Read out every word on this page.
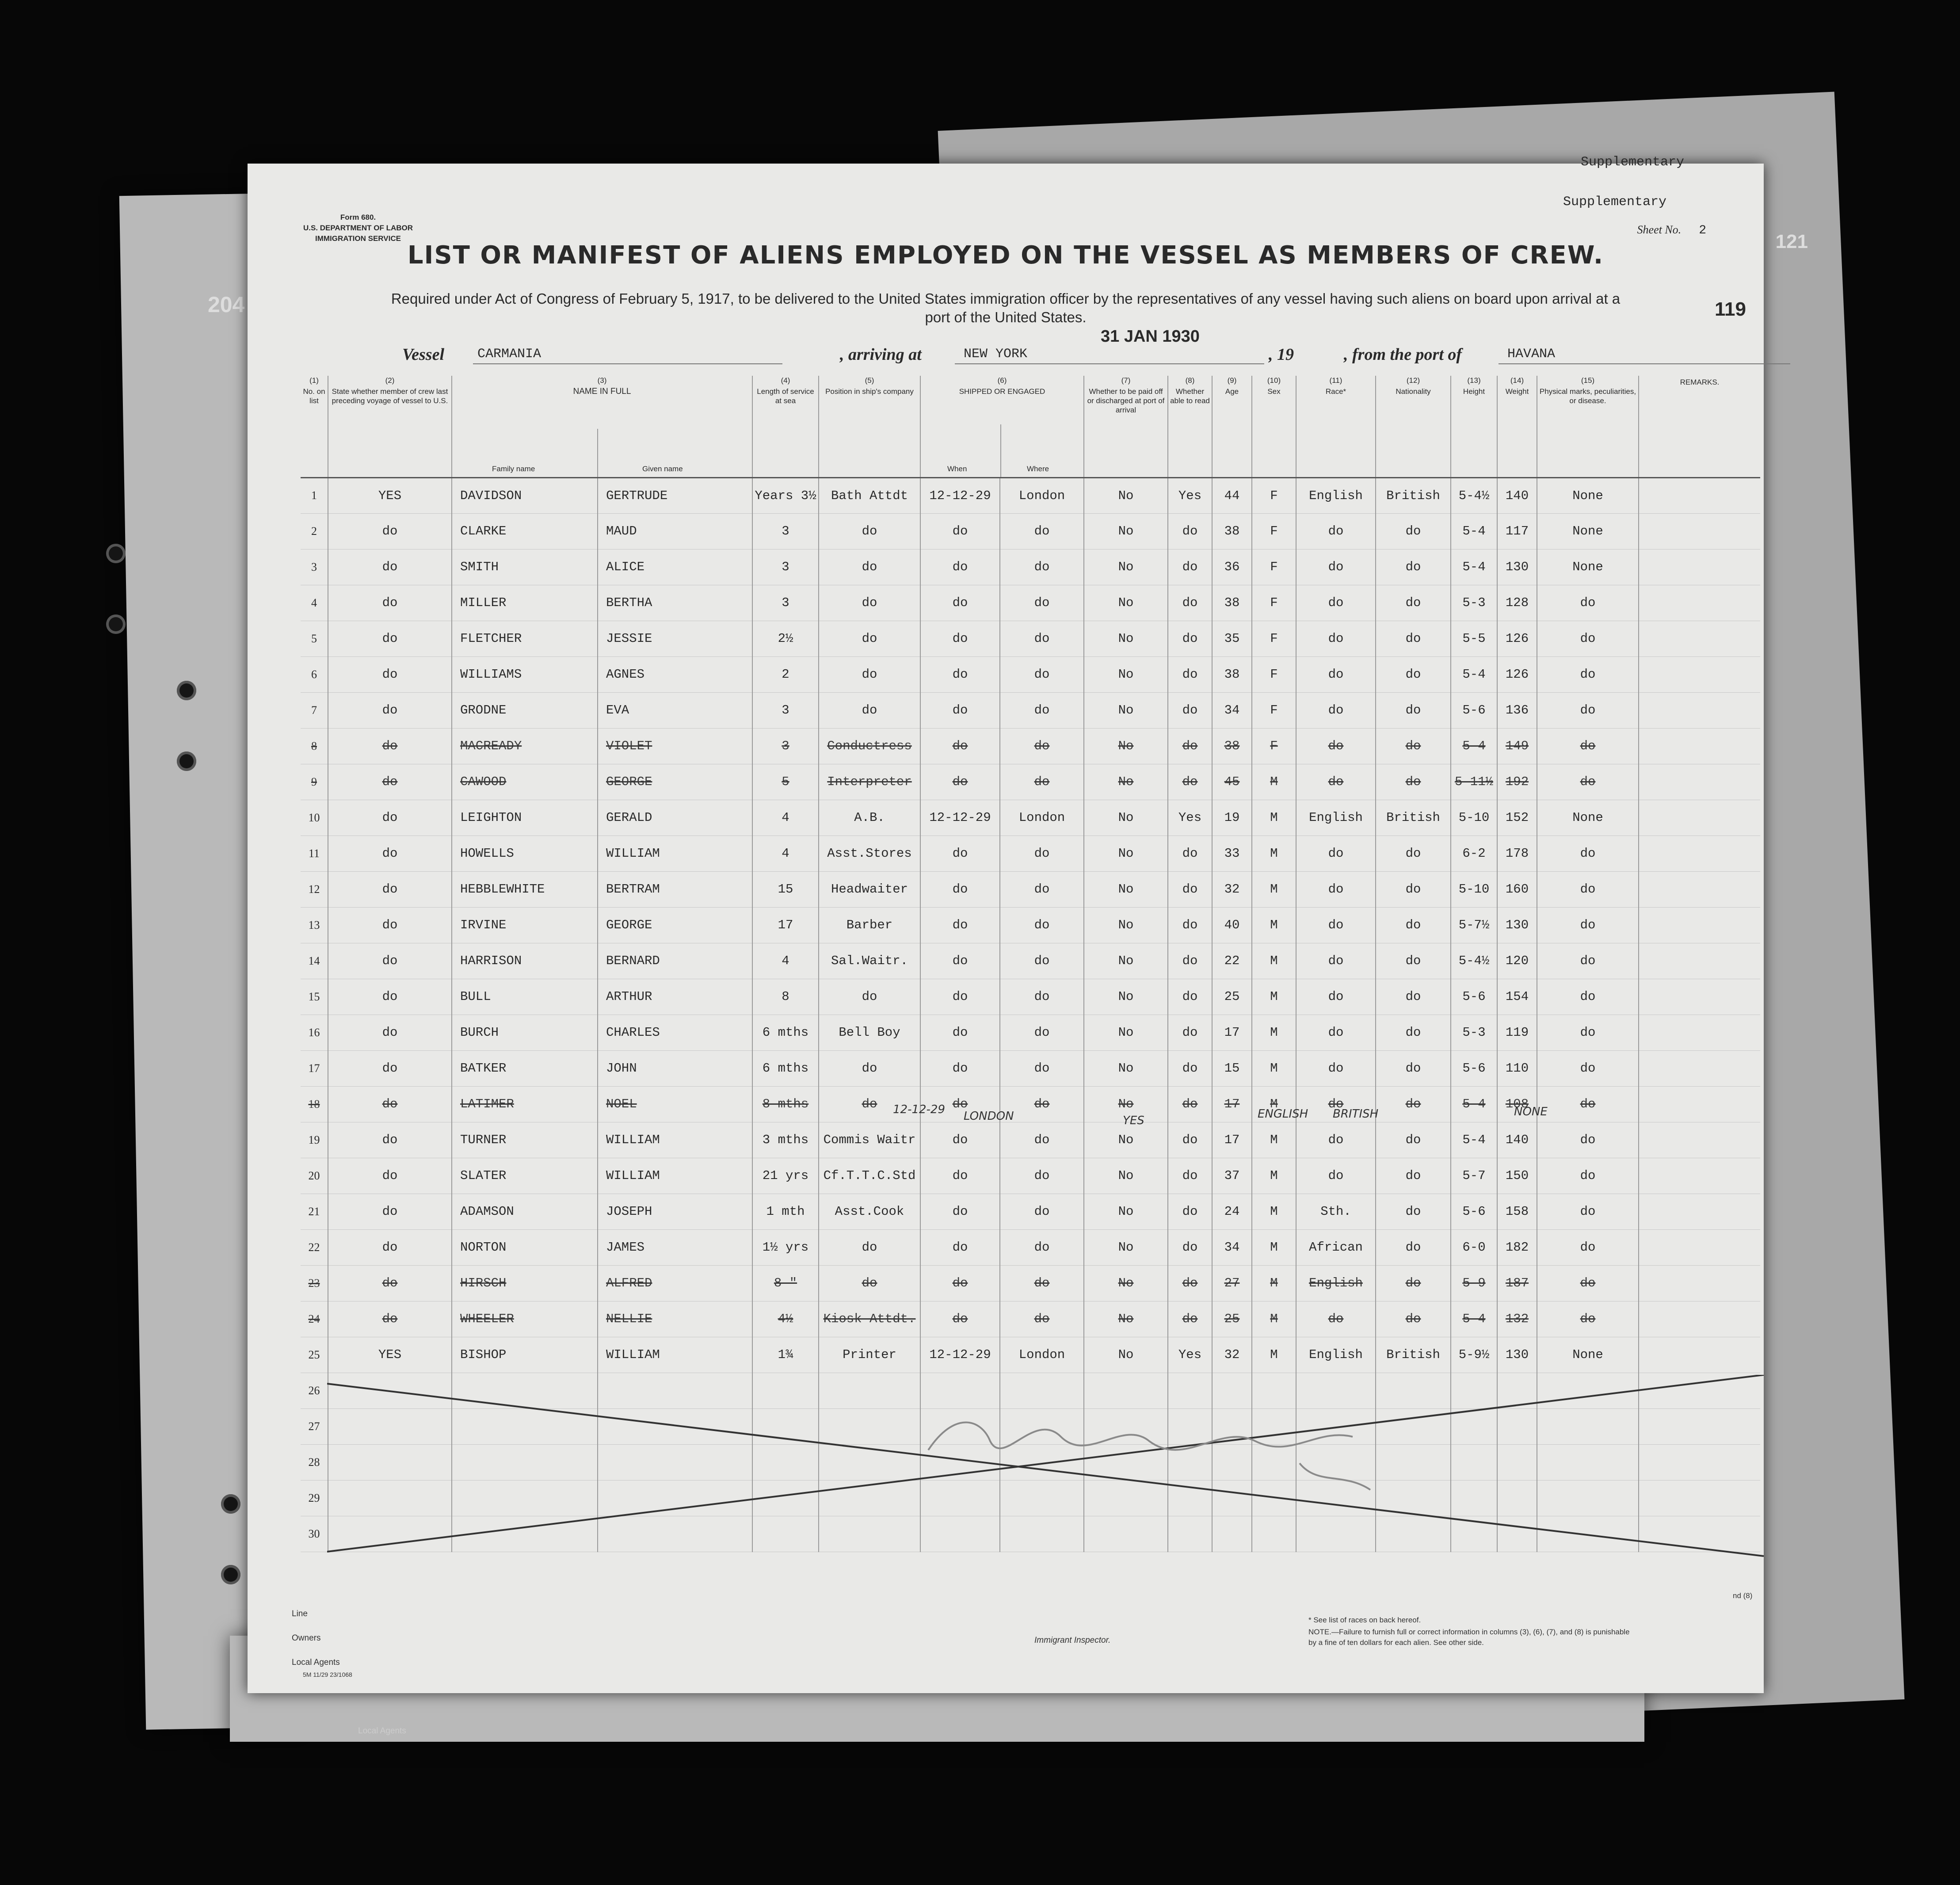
204
Local Agents
Form 680.
U.S. DEPARTMENT OF LABOR
IMMIGRATION SERVICE
Supplementary
Supplementary
Sheet No. 2
119
121
LIST OR MANIFEST OF ALIENS EMPLOYED ON THE VESSEL AS MEMBERS OF CREW.
Required under Act of Congress of February 5, 1917, to be delivered to the United States immigration officer by the representatives of any vessel having such aliens on board upon arrival at a port of the United States.
Vessel	CARMANIA	, arriving at	NEW YORK
31 JAN 1930
, 19	, from the port of	HAVANA
(1)
No. on list	(2)
State whether member of crew last preceding voyage of vessel to U.S.	(3)
NAME IN FULL
Family name Given name		(4)
Length of service at sea	(5)
Position in ship's company	(6)
SHIPPED OR ENGAGED
When Where		(7)
Whether to be paid off or discharged at port of arrival	(8)
Whether able to read	(9)
Age	(10)
Sex	(11)
Race*	(12)
Nationality	(13)
Height	(14)
Weight	(15)
Physical marks, peculiarities, or disease.	REMARKS.
1	YES	DAVIDSON	GERTRUDE	Years 3½	Bath Attdt	12-12-29	London	No	Yes	44	F	English	British	5-4½	140	None	
2	do	CLARKE	MAUD	3	do	do	do	No	do	38	F	do	do	5-4	117	None	
3	do	SMITH	ALICE	3	do	do	do	No	do	36	F	do	do	5-4	130	None	
4	do	MILLER	BERTHA	3	do	do	do	No	do	38	F	do	do	5-3	128	do	
5	do	FLETCHER	JESSIE	2½	do	do	do	No	do	35	F	do	do	5-5	126	do	
6	do	WILLIAMS	AGNES	2	do	do	do	No	do	38	F	do	do	5-4	126	do	
7	do	GRODNE	EVA	3	do	do	do	No	do	34	F	do	do	5-6	136	do	
8	do	MACREADY	VIOLET	3	Conductress	do	do	No	do	38	F	do	do	5-4	149	do	
9	do	CAWOOD	GEORGE	5	Interpreter	do	do	No	do	45	M	do	do	5-11½	192	do	
10	do	LEIGHTON	GERALD	4	A.B.	12-12-29	London	No	Yes	19	M	English	British	5-10	152	None	
11	do	HOWELLS	WILLIAM	4	Asst.Stores	do	do	No	do	33	M	do	do	6-2	178	do	
12	do	HEBBLEWHITE	BERTRAM	15	Headwaiter	do	do	No	do	32	M	do	do	5-10	160	do	
13	do	IRVINE	GEORGE	17	Barber	do	do	No	do	40	M	do	do	5-7½	130	do	
14	do	HARRISON	BERNARD	4	Sal.Waitr.	do	do	No	do	22	M	do	do	5-4½	120	do	
15	do	BULL	ARTHUR	8	do	do	do	No	do	25	M	do	do	5-6	154	do	
16	do	BURCH	CHARLES	6 mths	Bell Boy	do	do	No	do	17	M	do	do	5-3	119	do	
17	do	BATKER	JOHN	6 mths	do	do	do	No	do	15	M	do	do	5-6	110	do	
18	do	LATIMER	NOEL	8 mths	do	do	do	No	do	17	M	do	do	5-4	108	do	
19	do	TURNER	WILLIAM	3 mths	Commis Waitr	do	do	No	do	17	M	do	do	5-4	140	do	
20	do	SLATER	WILLIAM	21 yrs	Cf.T.T.C.Std	do	do	No	do	37	M	do	do	5-7	150	do	
21	do	ADAMSON	JOSEPH	1 mth	Asst.Cook	do	do	No	do	24	M	Sth.	do	5-6	158	do	
22	do	NORTON	JAMES	1½ yrs	do	do	do	No	do	34	M	African	do	6-0	182	do	
23	do	HIRSCH	ALFRED	8 "	do	do	do	No	do	27	M	English	do	5-9	187	do	
24	do	WHEELER	NELLIE	4½	Kiosk Attdt.	do	do	No	do	25	M	do	do	5-4	132	do	
25	YES	BISHOP	WILLIAM	1¾	Printer	12-12-29	London	No	Yes	32	M	English	British	5-9½	130	None	
26																	
27																	
28																	
29																	
30																	
12-12-29 LONDON	YES	ENGLISH BRITISH	NONE
Line
Owners
Local Agents
5M 11/29 23/1068
Immigrant Inspector.
* See list of races on back hereof.
NOTE.—Failure to furnish full or correct information in columns (3), (6), (7), and (8) is punishable by a fine of ten dollars for each alien. See other side.
nd (8)
